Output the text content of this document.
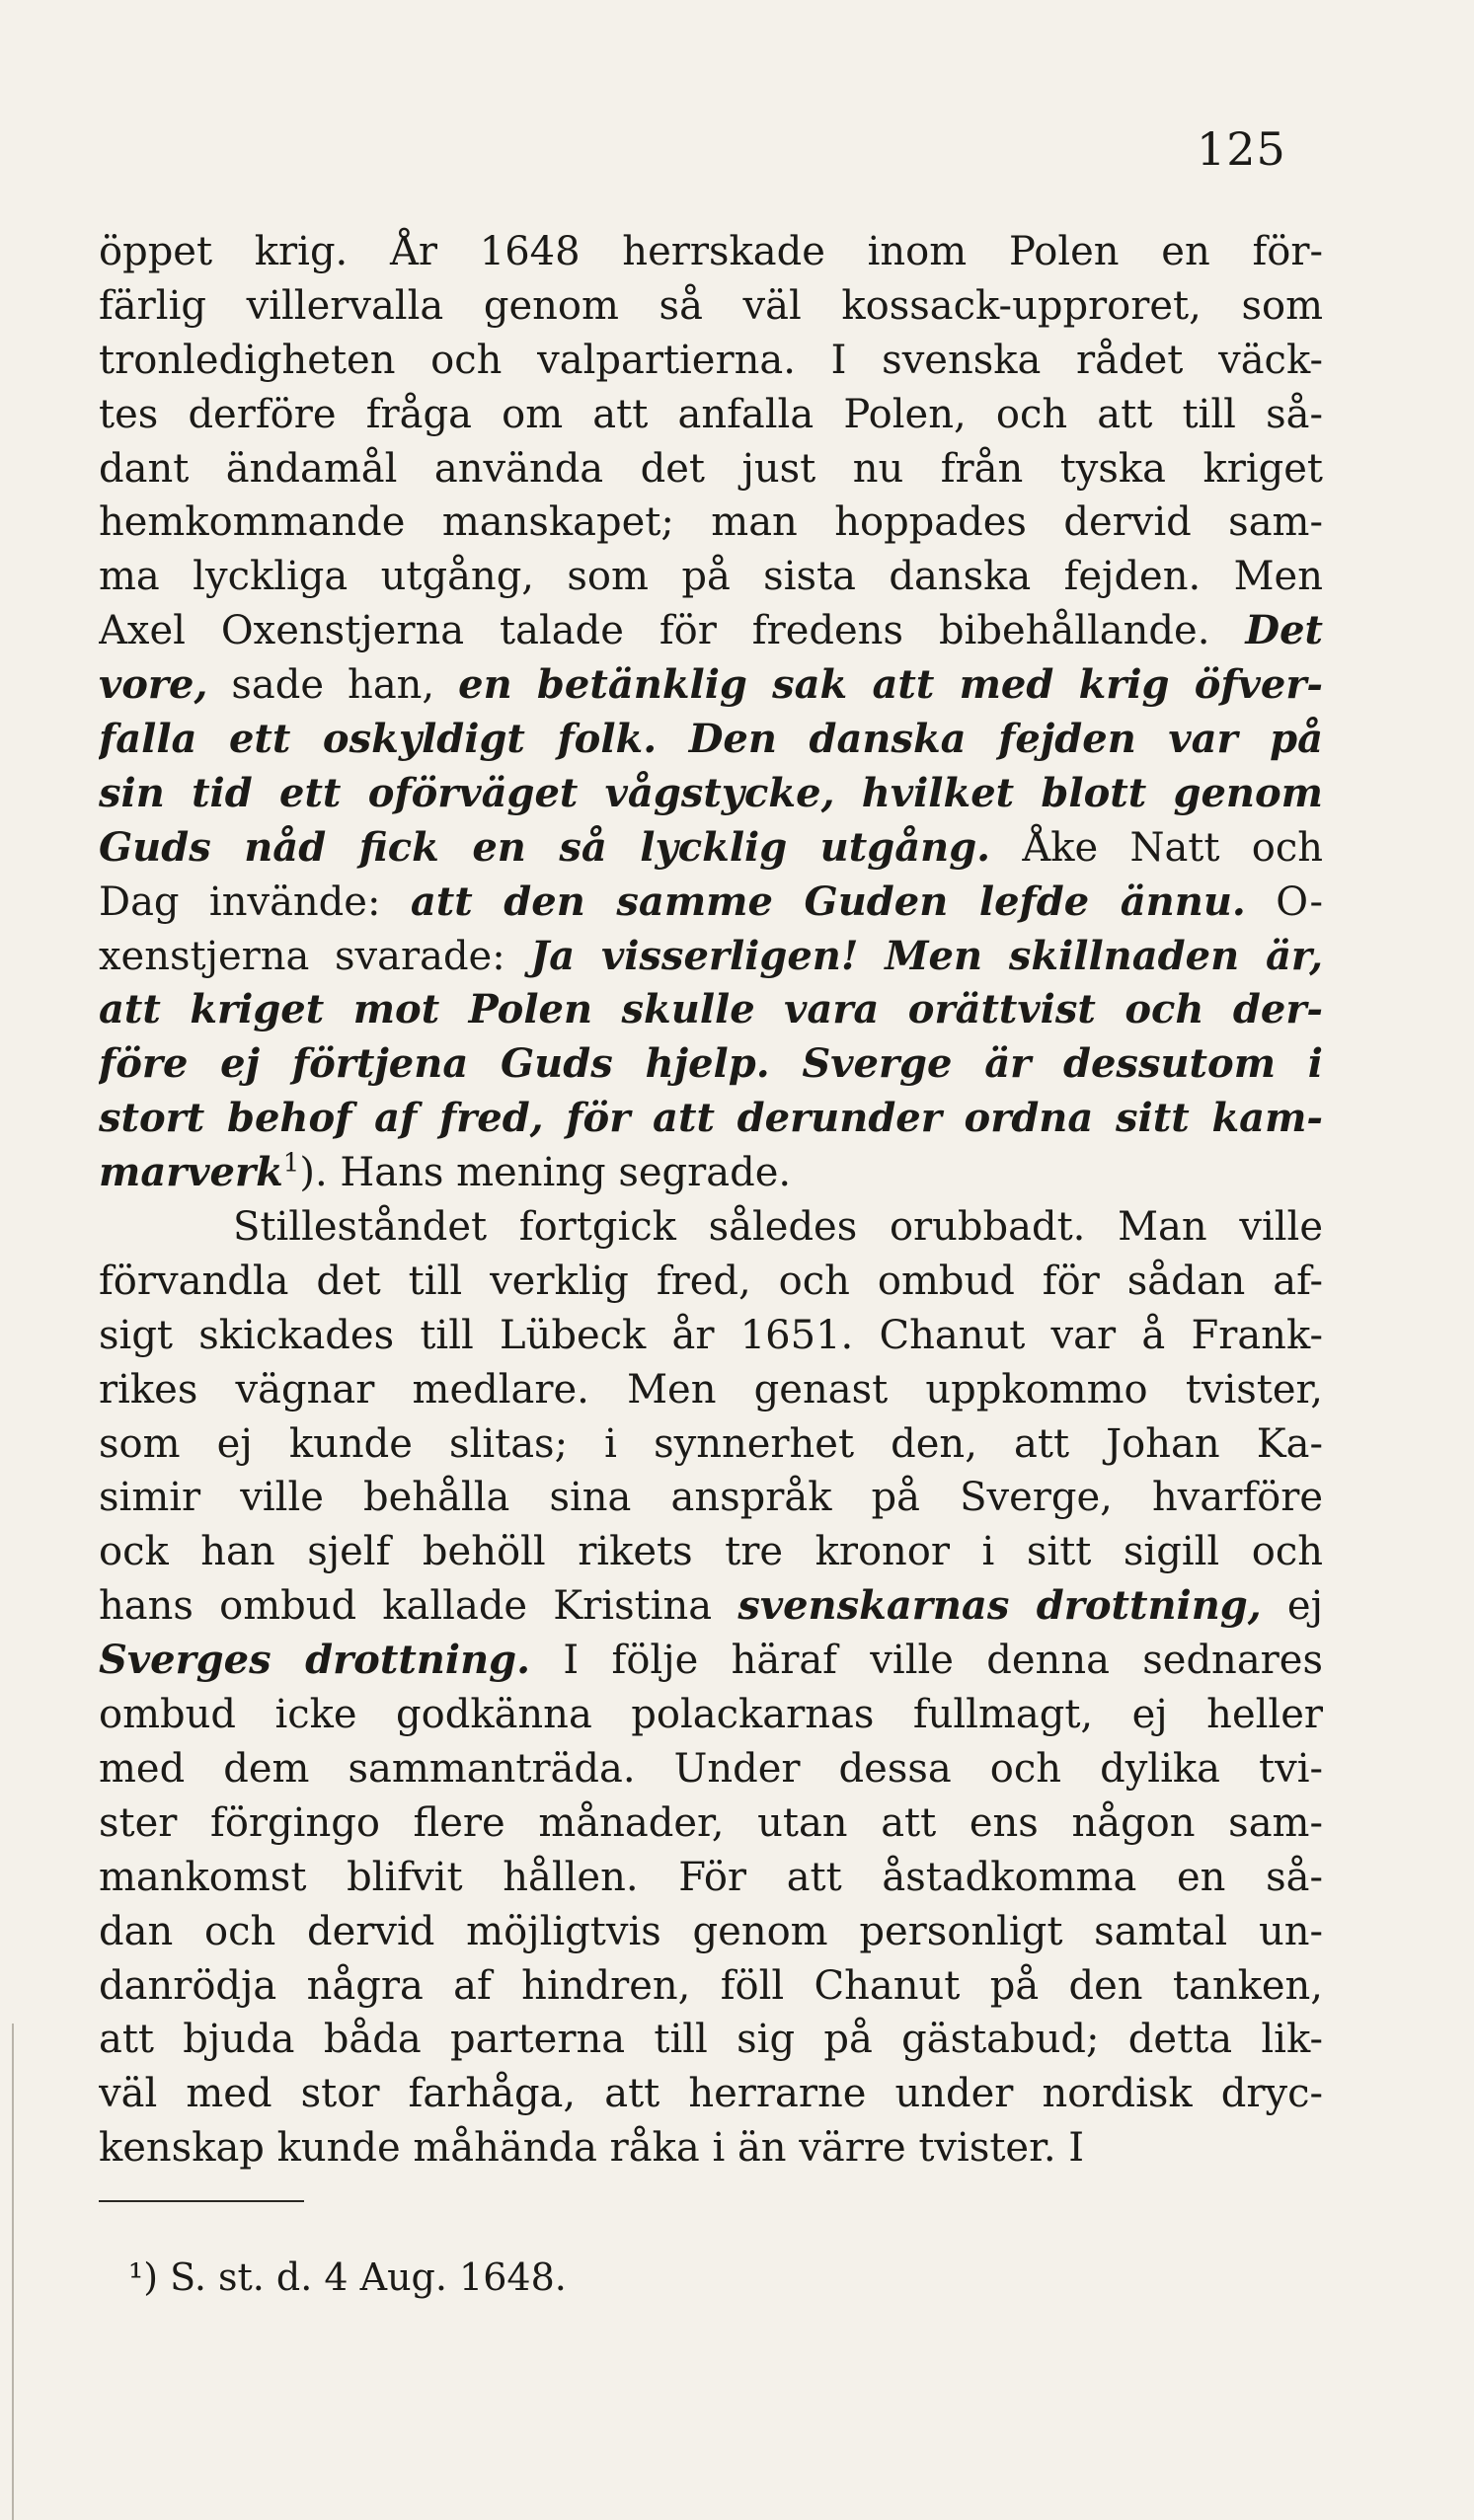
125
öppet krig. År 1648 herrskade inom Polen en för-
färlig villervalla genom så väl kossack-upproret, som
tronledigheten och valpartierna. I svenska rådet väck-
tes derföre fråga om att anfalla Polen, och att till så-
dant ändamål använda det just nu från tyska kriget
hemkommande manskapet; man hoppades dervid sam-
ma lyckliga utgång, som på sista danska fejden. Men
Axel Oxenstjerna talade för fredens bibehållande. Det
vore, sade han, en betänklig sak att med krig öfver-
falla ett oskyldigt folk. Den danska fejden var på
sin tid ett oförväget vågstycke, hvilket blott genom
Guds nåd fick en så lycklig utgång. Åke Natt och
Dag invände: att den samme Guden lefde ännu. O-
xenstjerna svarade: Ja visserligen! Men skillnaden är,
att kriget mot Polen skulle vara orättvist och der-
före ej förtjena Guds hjelp. Sverge är dessutom i
stort behof af fred, för att derunder ordna sitt kam-
marverk$^1$). Hans mening segrade.
Stilleståndet fortgick således orubbadt. Man ville
förvandla det till verklig fred, och ombud för sådan af-
sigt skickades till Lübeck år 1651. Chanut var å Frank-
rikes vägnar medlare. Men genast uppkommo tvister,
som ej kunde slitas; i synnerhet den, att Johan Ka-
simir ville behålla sina anspråk på Sverge, hvarföre
ock han sjelf behöll rikets tre kronor i sitt sigill och
hans ombud kallade Kristina svenskarnas drottning, ej
Sverges drottning. I följe häraf ville denna sednares
ombud icke godkänna polackarnas fullmagt, ej heller
med dem sammanträda. Under dessa och dylika tvi-
ster förgingo flere månader, utan att ens någon sam-
mankomst blifvit hållen. För att åstadkomma en så-
dan och dervid möjligtvis genom personligt samtal un-
danrödja några af hindren, föll Chanut på den tanken,
att bjuda båda parterna till sig på gästabud; detta lik-
väl med stor farhåga, att herrarne under nordisk dryc-
kenskap kunde måhända råka i än värre tvister. I
¹) S. st. d. 4 Aug. 1648.
